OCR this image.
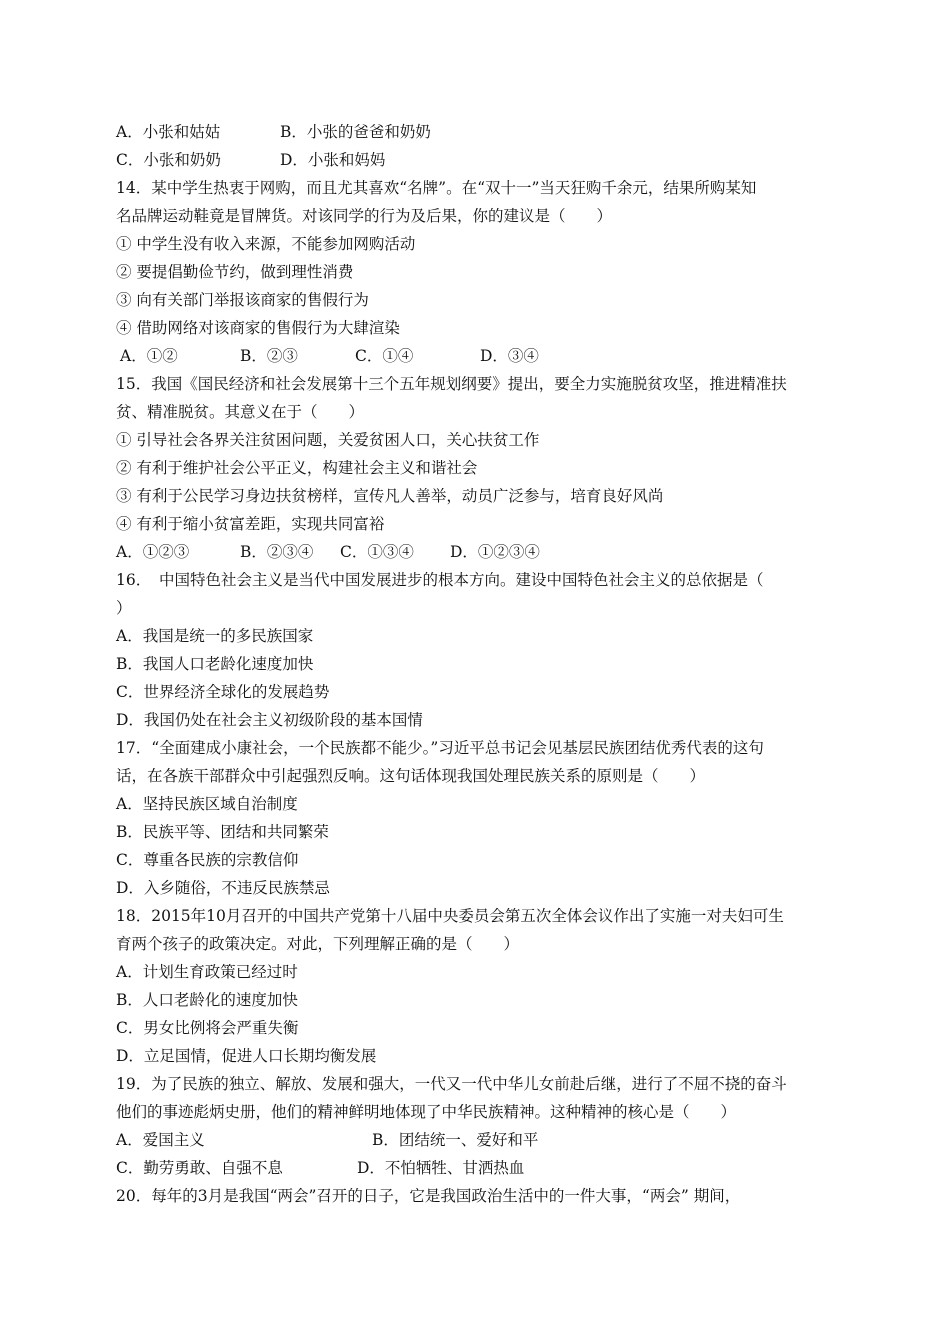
A．小张和姑姑	B．小张的爸爸和奶奶
C．小张和奶奶	D．小张和妈妈
14．某中学生热衷于网购，而且尤其喜欢“名牌”。在“双十一”当天狂购千余元，结果所购某知
名品牌运动鞋竟是冒牌货。对该同学的行为及后果，你的建议是（　　）
① 中学生没有收入来源，不能参加网购活动
② 要提倡勤俭节约，做到理性消费
③ 向有关部门举报该商家的售假行为
④ 借助网络对该商家的售假行为大肆渲染
A．①②	B．②③	C．①④	D．③④
15．我国《国民经济和社会发展第十三个五年规划纲要》提出，要全力实施脱贫攻坚，推进精准扶
贫、精准脱贫。其意义在于（　　）
① 引导社会各界关注贫困问题，关爱贫困人口，关心扶贫工作
② 有利于维护社会公平正义，构建社会主义和谐社会
③ 有利于公民学习身边扶贫榜样，宣传凡人善举，动员广泛参与，培育良好风尚
④ 有利于缩小贫富差距，实现共同富裕
A．①②③	B．②③④ C．①③④ D．①②③④
16．　中国特色社会主义是当代中国发展进步的根本方向。建设中国特色社会主义的总依据是（
）
A．我国是统一的多民族国家
B．我国人口老龄化速度加快
C．世界经济全球化的发展趋势
D．我国仍处在社会主义初级阶段的基本国情
17．“全面建成小康社会，一个民族都不能少。”习近平总书记会见基层民族团结优秀代表的这句
话，在各族干部群众中引起强烈反响。这句话体现我国处理民族关系的原则是（　　）
A．坚持民族区域自治制度
B．民族平等、团结和共同繁荣
C．尊重各民族的宗教信仰
D．入乡随俗，不违反民族禁忌
18．2015年10月召开的中国共产党第十八届中央委员会第五次全体会议作出了实施一对夫妇可生
育两个孩子的政策决定。对此，下列理解正确的是（　　）
A．计划生育政策已经过时
B．人口老龄化的速度加快
C．男女比例将会严重失衡
D．立足国情，促进人口长期均衡发展
19．为了民族的独立、解放、发展和强大，一代又一代中华儿女前赴后继，进行了不屈不挠的奋斗
他们的事迹彪炳史册，他们的精神鲜明地体现了中华民族精神。这种精神的核心是（　　）
A．爱国主义	B．团结统一、爱好和平
C．勤劳勇敢、自强不息	D．不怕牺牲、甘洒热血
20．每年的3月是我国“两会”召开的日子，它是我国政治生活中的一件大事，“两会” 期间，
